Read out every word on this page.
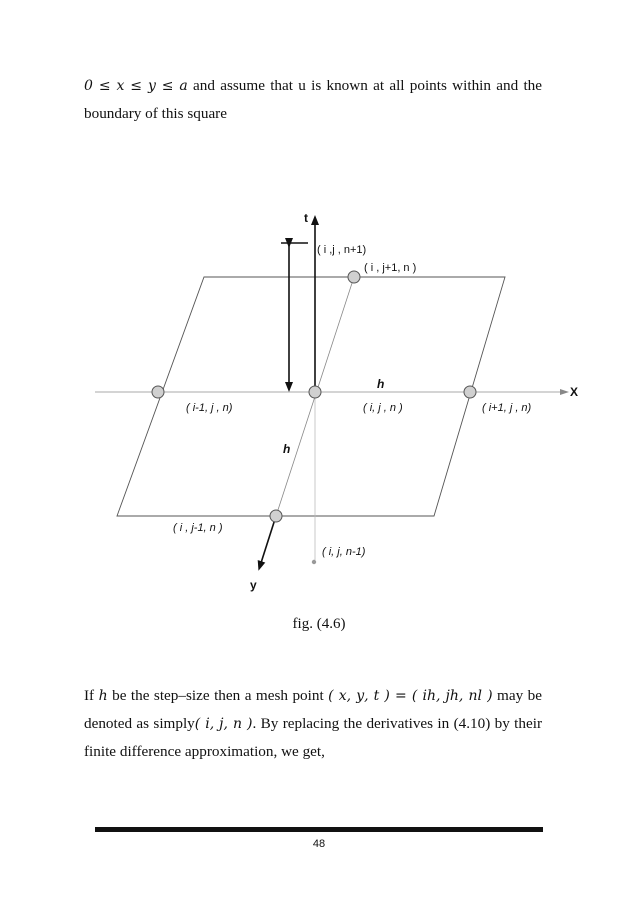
0 ≤ 𝑥 ≤ 𝑦 ≤ 𝑎 and assume that u is known at all points within and the boundary of this square
t
X
y
h
h
( i ,j , n+1)
( i , j+1, n )
( i-1, j , n)	( i, j , n )	( i+1, j , n)
( i , j-1, n )
( i, j, n-1)
fig. (4.6)
If ℎ be the step–size then a mesh point ( 𝑥, 𝑦, 𝑡 ) = ( 𝑖ℎ, 𝑗ℎ, 𝑛𝑙 ) may be denoted as simply( 𝑖, 𝑗, 𝑛 ). By replacing the derivatives in (4.10) by their finite difference approximation, we get,
48
